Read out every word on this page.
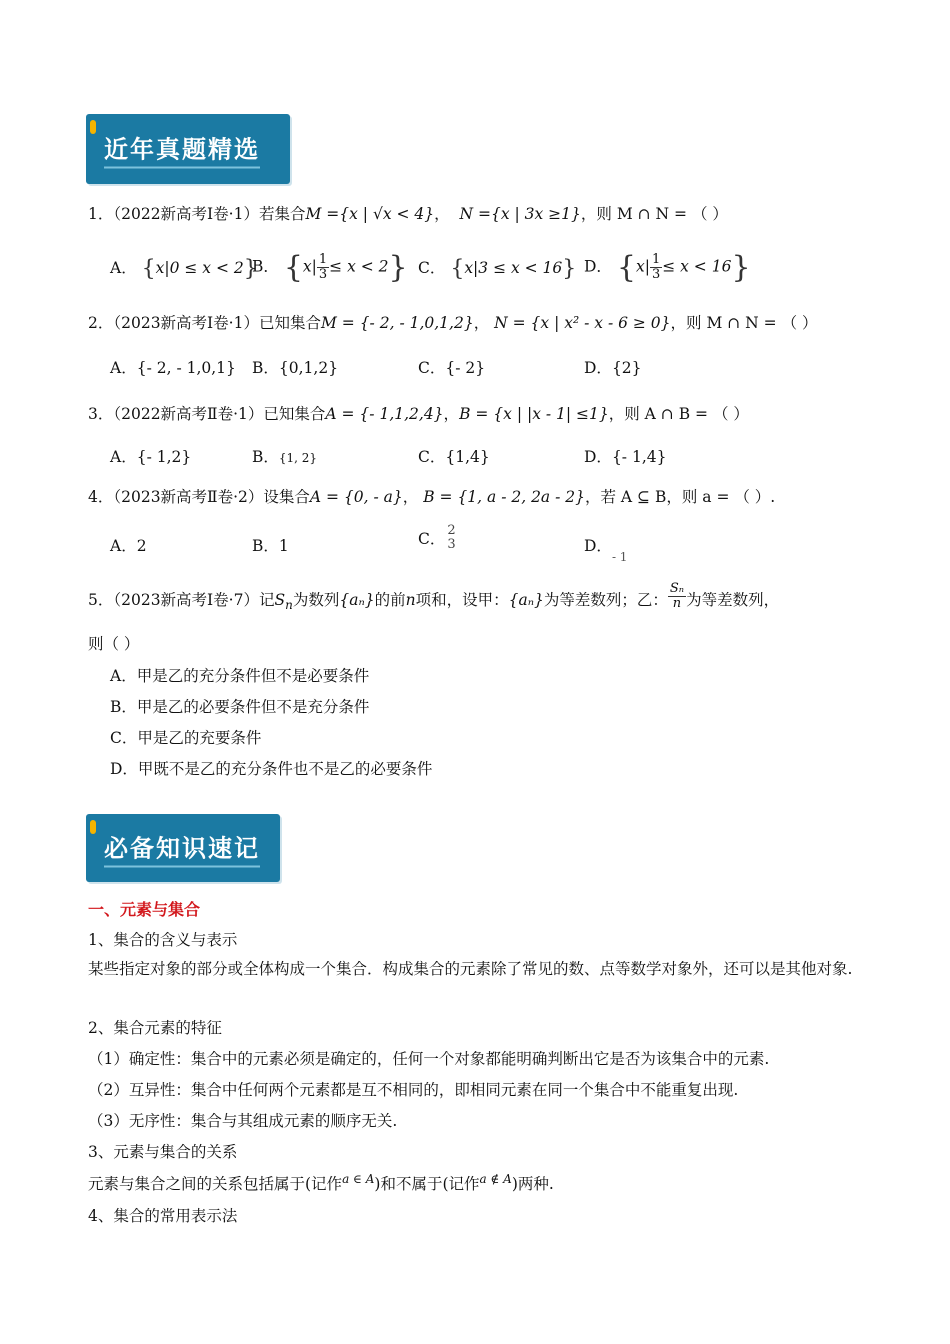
近年真题精选
1．（2022新高考Ⅰ卷·1）若集合M ={x | √x < 4}，  N ={x | 3x ≥1}，则 M ∩ N = （ ）
A． {x|0 ≤ x < 2}
B． $\{x| \frac{1}{3} \le x < 2\}$ C． {x|3 ≤ x < 16} D． $\{x| \frac{1}{3} \le x < 16\}$
2．（2023新高考Ⅰ卷·1）已知集合M = {- 2, - 1,0,1,2}， N = {x | x² - x - 6 ≥ 0}，则 M ∩ N = （ ）
A．{- 2, - 1,0,1} B．{0,1,2}	C．{- 2}	D．{2}
3．（2022新高考Ⅱ卷·1）已知集合A = {- 1,1,2,4}，B = {x | |x - 1| ≤1}，则 A ∩ B = （ ）
A．{- 1,2}	B．{1, 2}	C．{1,4}	D．{- 1,4}
4．（2023新高考Ⅱ卷·2）设集合A = {0, - a}， B = {1, a - 2, 2a - 2}，若 A ⊆ B，则 a = （ ）.
A．2	B．1	C． 2
3	D．$_{- 1}$
5．（2023新高考Ⅰ卷·7）记$S_n$为数列{aₙ}的前n项和，设甲：{aₙ}为等差数列；乙： $\frac{\text{Sₙ}}{n}$ 为等差数列，
则（ ）
A．甲是乙的充分条件但不是必要条件
B．甲是乙的必要条件但不是充分条件
C．甲是乙的充要条件
D．甲既不是乙的充分条件也不是乙的必要条件
必备知识速记
一、元素与集合
1、集合的含义与表示
某些指定对象的部分或全体构成一个集合．构成集合的元素除了常见的数、点等数学对象外，还可以是其他对象.
2、集合元素的特征
（1）确定性：集合中的元素必须是确定的，任何一个对象都能明确判断出它是否为该集合中的元素.
（2）互异性：集合中任何两个元素都是互不相同的，即相同元素在同一个集合中不能重复出现.
（3）无序性：集合与其组成元素的顺序无关.
3、元素与集合的关系
元素与集合之间的关系包括属于(记作$^{a \in A}$)和不属于(记作$^{a \notin A}$)两种.
4、集合的常用表示法
